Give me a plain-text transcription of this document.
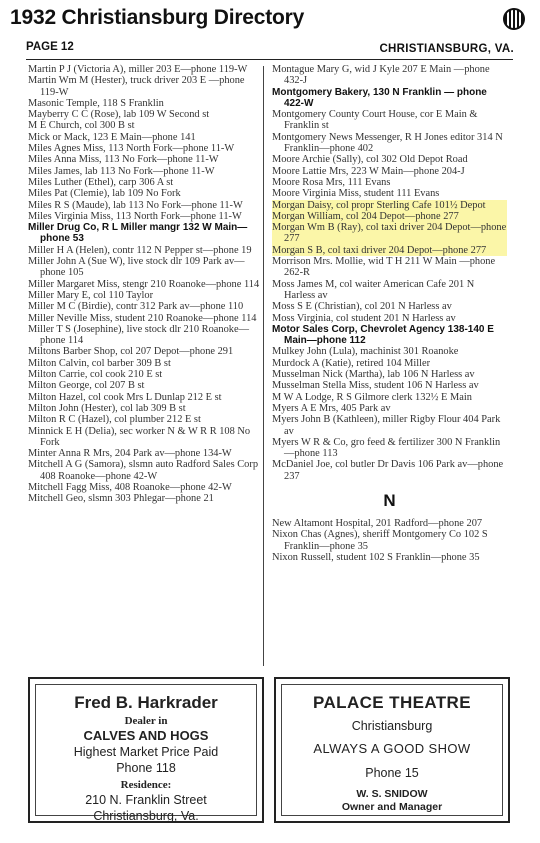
1932 Christiansburg Directory
PAGE 12	CHRISTIANSBURG, VA.
Martin P J (Victoria A), miller 203 E—phone 119-W
Martin Wm M (Hester), truck driver 203 E —phone 119-W
Masonic Temple, 118 S Franklin
Mayberry C C (Rose), lab 109 W Second st
M E Church, col 300 B st
Mick or Mack, 123 E Main—phone 141
Miles Agnes Miss, 113 North Fork—phone 11-W
Miles Anna Miss, 113 No Fork—phone 11-W
Miles James, lab 113 No Fork—phone 11-W
Miles Luther (Ethel), carp 306 A st
Miles Pat (Clemie), lab 109 No Fork
Miles R S (Maude), lab 113 No Fork—phone 11-W
Miles Virginia Miss, 113 North Fork—phone 11-W
Miller Drug Co, R L Miller mangr 132 W Main—phone 53
Miller H A (Helen), contr 112 N Pepper st—phone 19
Miller John A (Sue W), live stock dlr 109 Park av—phone 105
Miller Margaret Miss, stengr 210 Roanoke—phone 114
Miller Mary E, col 110 Taylor
Miller M C (Birdie), contr 312 Park av—phone 110
Miller Neville Miss, student 210 Roanoke—phone 114
Miller T S (Josephine), live stock dlr 210 Roanoke—phone 114
Miltons Barber Shop, col 207 Depot—phone 291
Milton Calvin, col barber 309 B st
Milton Carrie, col cook 210 E st
Milton George, col 207 B st
Milton Hazel, col cook Mrs L Dunlap 212 E st
Milton John (Hester), col lab 309 B st
Milton R C (Hazel), col plumber 212 E st
Minnick E H (Delia), sec worker N & W R R 108 No Fork
Minter Anna R Mrs, 204 Park av—phone 134-W
Mitchell A G (Samora), slsmn auto Radford Sales Corp 408 Roanoke—phone 42-W
Mitchell Fagg Miss, 408 Roanoke—phone 42-W
Mitchell Geo, slsmn 303 Phlegar—phone 21
Montague Mary G, wid J Kyle 207 E Main —phone 432-J
Montgomery Bakery, 130 N Franklin — phone 422-W
Montgomery County Court House, cor E Main & Franklin st
Montgomery News Messenger, R H Jones editor 314 N Franklin—phone 402
Moore Archie (Sally), col 302 Old Depot Road
Moore Lattie Mrs, 223 W Main—phone 204-J
Moore Rosa Mrs, 111 Evans
Moore Virginia Miss, student 111 Evans
Morgan Daisy, col propr Sterling Cafe 101½ Depot
Morgan William, col 204 Depot—phone 277
Morgan Wm B (Ray), col taxi driver 204 Depot—phone 277
Morgan S B, col taxi driver 204 Depot—phone 277
Morrison Mrs. Mollie, wid T H 211 W Main —phone 262-R
Moss James M, col waiter American Cafe 201 N Harless av
Moss S E (Christian), col 201 N Harless av
Moss Virginia, col student 201 N Harless av
Motor Sales Corp, Chevrolet Agency 138-140 E Main—phone 112
Mulkey John (Lula), machinist 301 Roanoke
Murdock A (Katie), retired 104 Miller
Musselman Nick (Martha), lab 106 N Harless av
Musselman Stella Miss, student 106 N Harless av
M W A Lodge, R S Gilmore clerk 132½ E Main
Myers A E Mrs, 405 Park av
Myers John B (Kathleen), miller Rigby Flour 404 Park av
Myers W R & Co, gro feed & fertilizer 300 N Franklin—phone 113
McDaniel Joe, col butler Dr Davis 106 Park av—phone 237
N
New Altamont Hospital, 201 Radford—phone 207
Nixon Chas (Agnes), sheriff Montgomery Co 102 S Franklin—phone 35
Nixon Russell, student 102 S Franklin—phone 35
Fred B. Harkrader
Dealer in
CALVES AND HOGS
Highest Market Price Paid
Phone 118
Residence:
210 N. Franklin Street
Christiansburg, Va.
PALACE THEATRE
Christiansburg
ALWAYS A GOOD SHOW
Phone 15
W. S. SNIDOW
Owner and Manager
